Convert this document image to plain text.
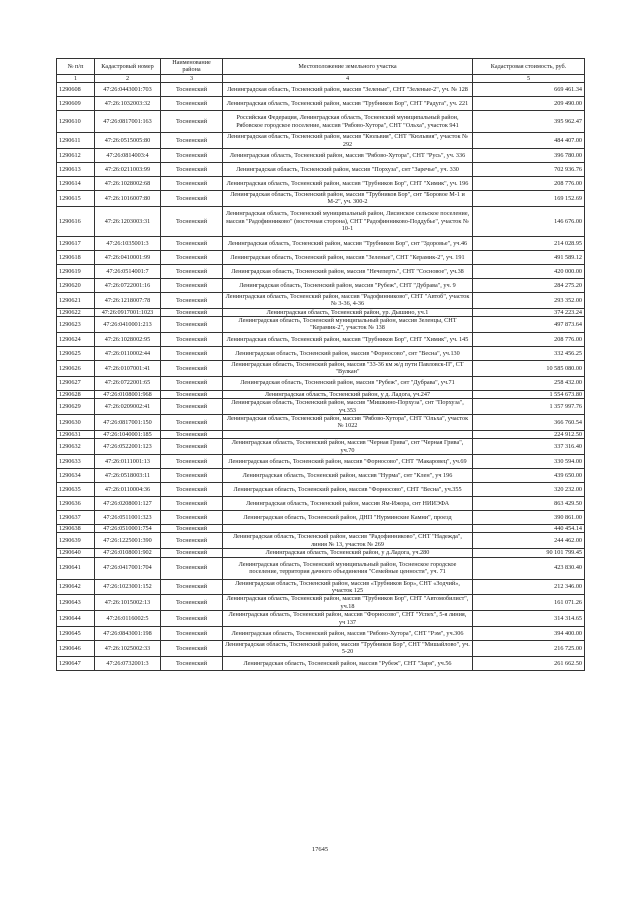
№ п/п	Кадастровый номер	Наименование района	Местоположение земельного участка	Кадастровая стоимость, руб.
1	2	3	4	5
1290608	47:26:0443001:703	Тосненский	Ленинградская область, Тосненский район, массив "Зеленые", СНТ "Зеленые-2", уч. № 128	669 461.34
1290609	47:26:1032003:32	Тосненский	Ленинградская область, Тосненский район, массив "Трубников Бор", СНТ "Радуга", уч. 221	209 490.00
1290610	47:26:0817001:163	Тосненский	Российская Федерация, Ленинградская область, Тосненский муниципальный район, Рябовское городское поселение, массив "Рябово-Хутора", СНТ "Ольха", участок 941	395 962.47
1290611	47:26:0515005:80	Тосненский	Ленинградская область, Тосненский район, массив "Кюльвия", СНТ "Кюльвия", участок № 292	484 407.00
1290612	47:26:0814003:4	Тосненский	Ленинградская область, Тосненский район, массив "Рябово-Хутора", СНТ "Русь", уч. 336	396 780.00
1290613	47:26:0211003:99	Тосненский	Ленинградская область, Тосненский район, массив "Порхуза", снт "Заречье", уч. 330	702 936.76
1290614	47:26:1028002:68	Тосненский	Ленинградская область, Тосненский район, массив "Трубников Бор", СНТ "Химик", уч. 196	208 776.00
1290615	47:26:1016007:80	Тосненский	Ленинградская область, Тосненский район, массив "Трубников Бор", снт "Боровое М-1 и М-2", уч. 300-2	169 152.69
1290616	47:26:1203003:31	Тосненский	Ленинградская область, Тосненский муниципальный район, Лисинское сельское поселение, массив "Радофинниково" (восточная сторона), СНТ "Радофинниково-Поддубье", участок № 10-1	146 676.00
1290617	47:26:1035001:3	Тосненский	Ленинградская область, Тосненский район, массив "Трубников Бор", снт "Здоровье", уч.46	214 028.95
1290618	47:26:0410001:99	Тосненский	Ленинградская область, Тосненский район, массив "Зеленые", СНТ "Керамик-2", уч. 191	491 589.12
1290619	47:26:0514001:7	Тосненский	Ленинградская область, Тосненский район, массив "Нечеперть", СНТ "Сосновое", уч.38	420 000.00
1290620	47:26:0722001:16	Тосненский	Ленинградская область, Тосненский район, массив "Рубеж", СНТ "Дубрава", уч. 9	284 275.20
1290621	47:26:1218007:78	Тосненский	Ленинградская область, Тосненский район, массив "Радофинниково", СНТ "Автоб", участок № 3-36, 4-36	293 352.00
1290622	47:26:0917001:1023	Тосненский	Ленинградская область, Тосненский район, ур. Дышино, уч.1	374 223.24
1290623	47:26:0410001:213	Тосненский	Ленинградская область, Тосненский муниципальный район, массив Зеленцы, СНТ "Керамик-2", участок № 138	497 873.64
1290624	47:26:1028002:95	Тосненский	Ленинградская область, Тосненский район, массив "Трубников Бор", СНТ "Химик", уч. 145	208 776.00
1290625	47:26:0110002:44	Тосненский	Ленинградская область, Тосненский район, массив "Форносово", снт "Весна", уч.130	332 456.25
1290626	47:26:0107001:41	Тосненский	Ленинградская область, Тосненский район, массив "33-36 км ж/д пути Павловск-П", СТ "Вулкан"	10 585 080.00
1290627	47:26:0722001:65	Тосненский	Ленинградская область, Тосненский район, массив "Рубеж", снт "Дубрава", уч.71	258 432.00
1290628	47:26:0108001:968	Тосненский	Ленинградская область, Тосненский район, у д. Ладога, уч.247	1 554 673.80
1290629	47:26:0209002:41	Тосненский	Ленинградская область, Тосненский район, массив "Мишкино-Порхуза", снт "Порхуза", уч.353	1 357 997.76
1290630	47:26:0817001:150	Тосненский	Ленинградская область, Тосненский район, массив "Рябово-Хутора", СНТ "Ольха", участок № 1022	366 760.54
1290631	47:26:1040001:185	Тосненский		224 912.50
1290632	47:26:0522001:123	Тосненский	Ленинградская область, Тосненский район, массив "Черная Грива", снт "Черная Грива", уч.70	337 316.40
1290633	47:26:0111001:13	Тосненский	Ленинградская область, Тосненский район, массив "Форносово", СНТ "Макаровец", уч.69	330 594.00
1290634	47:26:0518003:11	Тосненский	Ленинградская область, Тосненский район, массив "Нурма", снт "Клен", уч 196	439 650.00
1290635	47:26:0110004:36	Тосненский	Ленинградская область, Тосненский район, массив "Форносово", СНТ "Весна", уч.355	320 232.00
1290636	47:26:0208001:127	Тосненский	Ленинградская область, Тосненский район, массив Ям-Ижора, снт НИИЭФА	863 429.50
1290637	47:26:0511001:323	Тосненский	Ленинградская область, Тосненский район, ДНП "Нурминские Камни", проезд	390 861.00
1290638	47:26:0510001:754	Тосненский		440 454.14
1290639	47:26:1225001:390	Тосненский	Ленинградская область, Тосненский район, массив "Радофинниково", СНТ "Надежда", линия № 13, участок № 269	244 462.00
1290640	47:26:0108001:902	Тосненский	Ленинградская область, Тосненский район, у д.Ладога, уч.280	90 101 799.45
1290641	47:26:0417001:704	Тосненский	Ленинградская область, Тосненский муниципальный район, Тосненское городское поселение, территория дачного объединения "Семейные ценности", уч. 71	423 830.40
1290642	47:26:1023001:152	Тосненский	Ленинградская область, Тосненский район, массив «Трубников Бор», СНТ «Зодчий», участок 125	212 346.00
1290643	47:26:1015002:13	Тосненский	Ленинградская область, Тосненский район, массив "Трубников Бор", СНТ "Автомобилист", уч.18	161 071.26
1290644	47:26:0116002:5	Тосненский	Ленинградская область, Тосненский район, массив "Форносово", СНТ "Успех", 5-я линия, уч 137	314 314.65
1290645	47:26:0843001:198	Тосненский	Ленинградская область, Тосненский район, массив "Рябово-Хутора", СНТ "Рэм", уч.306	394 400.00
1290646	47:26:1025002:33	Тосненский	Ленинградская область, Тосненский район, массив "Трубников Бор", СНТ "Мишайлово", уч. 5-20	216 725.00
1290647	47:26:0732001:3	Тосненский	Ленинградская область, Тосненский район, массив "Рубеж", СНТ "Заря", уч.56	261 662.50
17645
